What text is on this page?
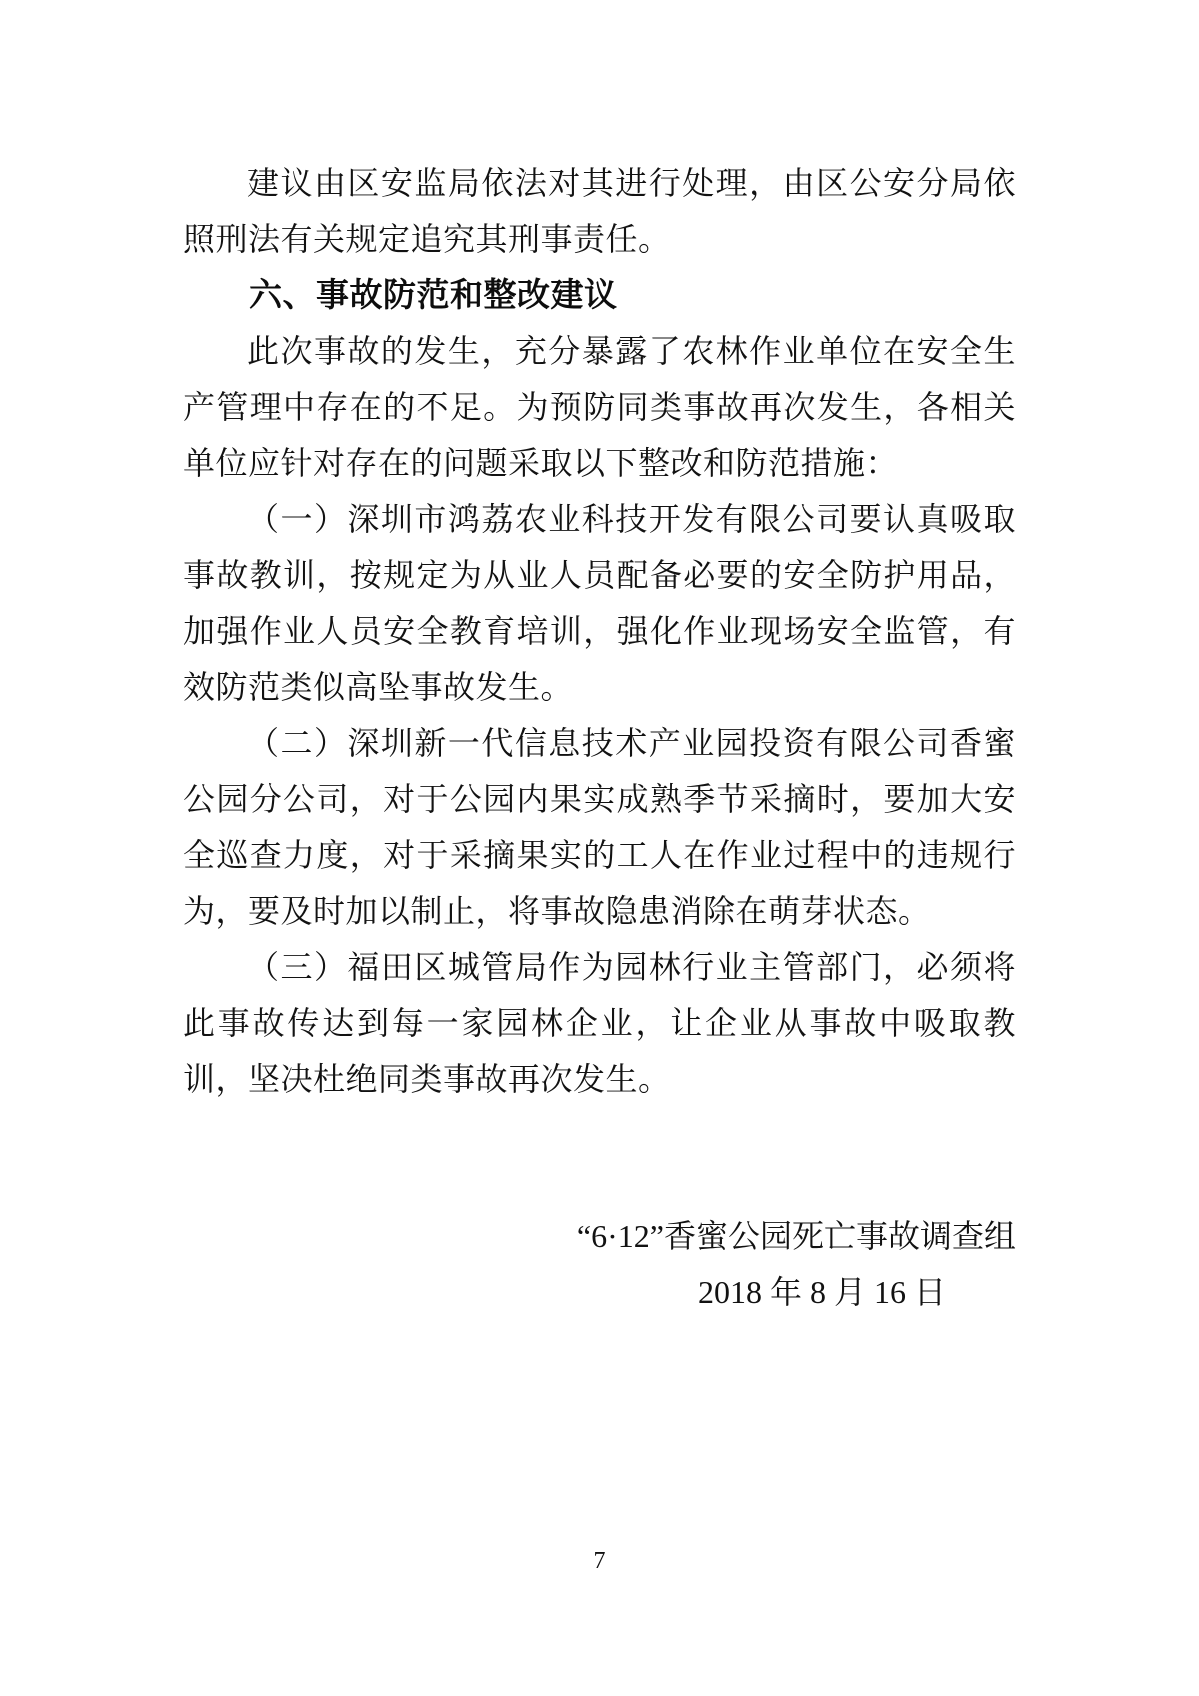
建议由区安监局依法对其进行处理，由区公安分局依照刑法有关规定追究其刑事责任。

六、事故防范和整改建议

此次事故的发生，充分暴露了农林作业单位在安全生产管理中存在的不足。为预防同类事故再次发生，各相关单位应针对存在的问题采取以下整改和防范措施：

（一）深圳市鸿荔农业科技开发有限公司要认真吸取事故教训，按规定为从业人员配备必要的安全防护用品，加强作业人员安全教育培训，强化作业现场安全监管，有效防范类似高坠事故发生。

（二）深圳新一代信息技术产业园投资有限公司香蜜公园分公司，对于公园内果实成熟季节采摘时，要加大安全巡查力度，对于采摘果实的工人在作业过程中的违规行为，要及时加以制止，将事故隐患消除在萌芽状态。

（三）福田区城管局作为园林行业主管部门，必须将此事故传达到每一家园林企业，让企业从事故中吸取教训，坚决杜绝同类事故再次发生。

“6·12”香蜜公园死亡事故调查组
2018 年 8 月 16 日
7
